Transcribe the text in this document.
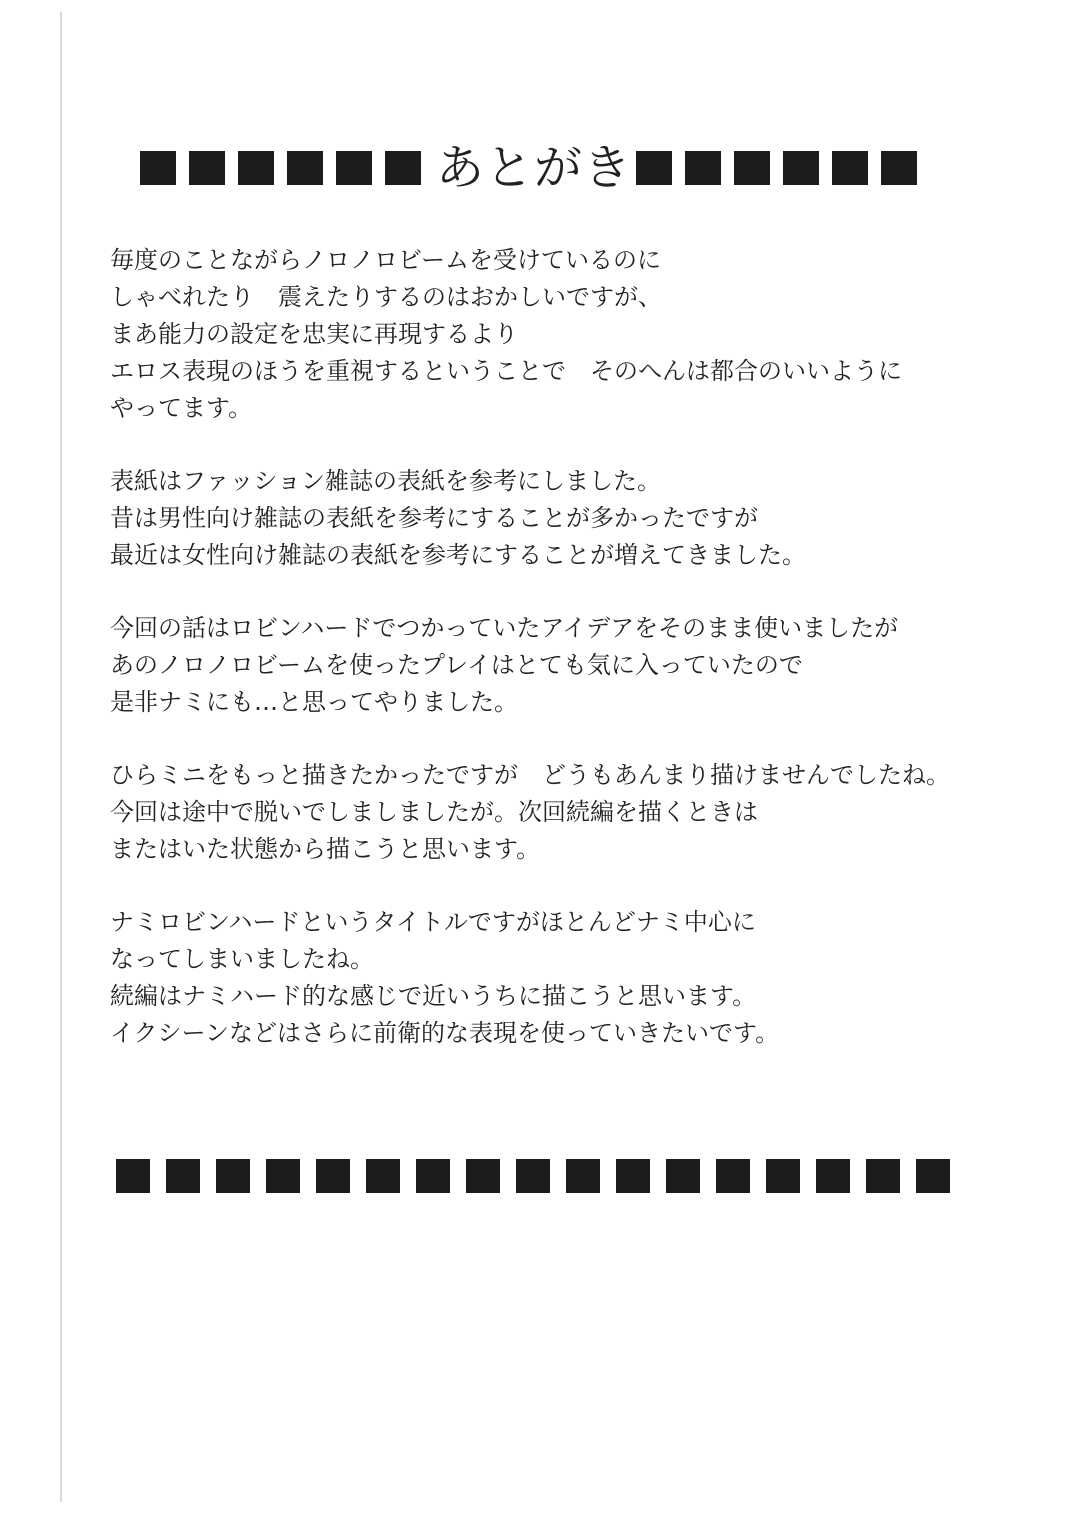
あとがき
毎度のことながらノロノロビームを受けているのに
しゃべれたり　震えたりするのはおかしいですが、
まあ能力の設定を忠実に再現するより
エロス表現のほうを重視するということで　そのへんは都合のいいように
やってます。
表紙はファッション雑誌の表紙を参考にしました。
昔は男性向け雑誌の表紙を参考にすることが多かったですが
最近は女性向け雑誌の表紙を参考にすることが増えてきました。
今回の話はロビンハードでつかっていたアイデアをそのまま使いましたが
あのノロノロビームを使ったプレイはとても気に入っていたので
是非ナミにも…と思ってやりました。
ひらミニをもっと描きたかったですが　どうもあんまり描けませんでしたね。
今回は途中で脱いでしましましたが。次回続編を描くときは
またはいた状態から描こうと思います。
ナミロビンハードというタイトルですがほとんどナミ中心に
なってしまいましたね。
続編はナミハード的な感じで近いうちに描こうと思います。
イクシーンなどはさらに前衛的な表現を使っていきたいです。
